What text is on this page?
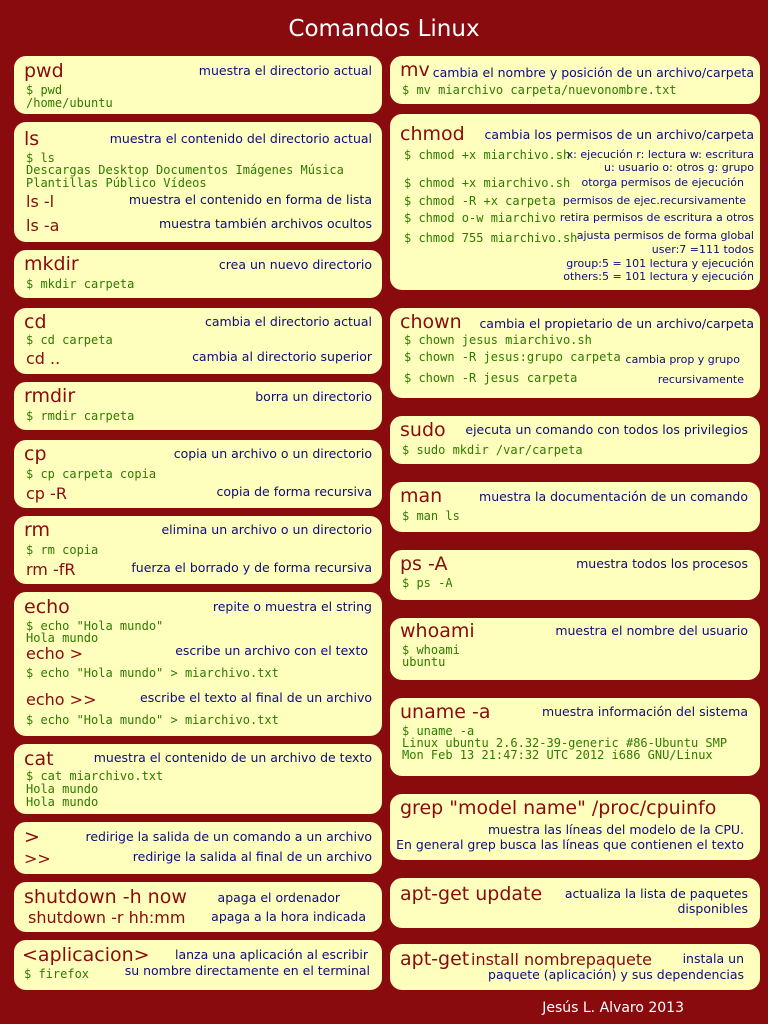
Comandos Linux
pwd	muestra el directorio actual
$ pwd
/home/ubuntu
ls	muestra el contenido del directorio actual
$ ls
Descargas Desktop Documentos Imágenes Música
Plantillas Público Vídeos
ls -l	muestra el contenido en forma de lista
ls -a	muestra también archivos ocultos
mkdir	crea un nuevo directorio
$ mkdir carpeta
cd	cambia el directorio actual
$ cd carpeta
cd ..	cambia al directorio superior
rmdir	borra un directorio
$ rmdir carpeta
cp	copia un archivo o un directorio
$ cp carpeta copia
cp -R	copia de forma recursiva
rm	elimina un archivo o un directorio
$ rm copia
rm -fR	fuerza el borrado y de forma recursiva
echo	repite o muestra el string
$ echo "Hola mundo"
Hola mundo
echo >	escribe un archivo con el texto
$ echo "Hola mundo" > miarchivo.txt
echo >>	escribe el texto al final de un archivo
$ echo "Hola mundo" > miarchivo.txt
cat	muestra el contenido de un archivo de texto
$ cat miarchivo.txt
Hola mundo
Hola mundo
>	redirige la salida de un comando a un archivo
>>	redirige la salida al final de un archivo
shutdown -h now apaga el ordenador
shutdown -r hh:mm apaga a la hora indicada
<aplicacion> lanza una aplicación al escribir
$ firefox	su nombre directamente en el terminal
mv cambia el nombre y posición de un archivo/carpeta
$ mv miarchivo carpeta/nuevonombre.txt
chmod cambia los permisos de un archivo/carpeta
$ chmod +x miarchivo.sh
x: ejecución r: lectura w: escritura
u: usuario o: otros g: grupo
$ chmod +x miarchivo.sh otorga permisos de ejecución
$ chmod -R +x carpeta permisos de ejec.recursivamente
$ chmod o-w miarchivo retira permisos de escritura a otros
$ chmod 755 miarchivo.sh ajusta permisos de forma global
user:7 =111 todos
group:5 = 101 lectura y ejecución
others:5 = 101 lectura y ejecución
chown cambia el propietario de un archivo/carpeta
$ chown jesus miarchivo.sh
$ chown -R jesus:grupo carpeta cambia prop y grupo
$ chown -R jesus carpeta	recursivamente
sudo ejecuta un comando con todos los privilegios
$ sudo mkdir /var/carpeta
man	muestra la documentación de un comando
$ man ls
ps -A	muestra todos los procesos
$ ps -A
whoami	muestra el nombre del usuario
$ whoami
ubuntu
uname -a	muestra información del sistema
$ uname -a
Linux ubuntu 2.6.32-39-generic #86-Ubuntu SMP
Mon Feb 13 21:47:32 UTC 2012 i686 GNU/Linux
grep "model name" /proc/cpuinfo
muestra las líneas del modelo de la CPU.
En general grep busca las líneas que contienen el texto
apt-get update actualiza la lista de paquetes
disponibles
apt-get install nombrepaquete instala un
paquete (aplicación) y sus dependencias
Jesús L. Alvaro 2013
